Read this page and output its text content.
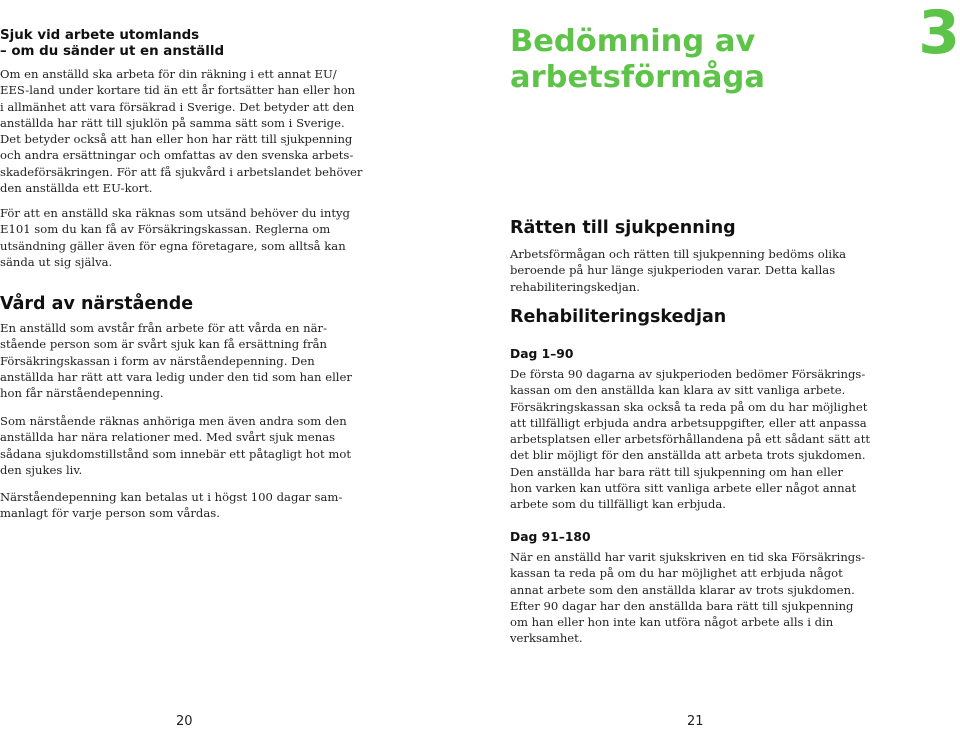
Sjuk vid arbete utomlands
– om du sänder ut en anställd
Om en anställd ska arbeta för din räkning i ett annat EU/
EES-land under kortare tid än ett år fortsätter han eller hon
i allmänhet att vara försäkrad i Sverige. Det betyder att den
anställda har rätt till sjuklön på samma sätt som i Sverige.
Det betyder också att han eller hon har rätt till sjukpenning
och andra ersättningar och omfattas av den svenska arbets-
skadeförsäkringen. För att få sjukvård i arbetslandet behöver
den anställda ett EU-kort.
För att en anställd ska räknas som utsänd behöver du intyg
E101 som du kan få av Försäkringskassan. Reglerna om
utsändning gäller även för egna företagare, som alltså kan
sända ut sig själva.
Vård av närstående
En anställd som avstår från arbete för att vårda en när-
stående person som är svårt sjuk kan få ersättning från
Försäkringskassan i form av närståendepenning. Den
anställda har rätt att vara ledig under den tid som han eller
hon får närståendepenning.
Som närstående räknas anhöriga men även andra som den
anställda har nära relationer med. Med svårt sjuk menas
sådana sjukdomstillstånd som innebär ett påtagligt hot mot
den sjukes liv.
Närståendepenning kan betalas ut i högst 100 dagar sam-
manlagt för varje person som vårdas.
20
Bedömning av
arbetsförmåga
3
Rätten till sjukpenning
Arbetsförmågan och rätten till sjukpenning bedöms olika
beroende på hur länge sjukperioden varar. Detta kallas
rehabiliteringskedjan.
Rehabiliteringskedjan
Dag 1–90
De första 90 dagarna av sjukperioden bedömer Försäkrings-
kassan om den anställda kan klara av sitt vanliga arbete.
Försäkringskassan ska också ta reda på om du har möjlighet
att tillfälligt erbjuda andra arbetsuppgifter, eller att anpassa
arbetsplatsen eller arbetsförhållandena på ett sådant sätt att
det blir möjligt för den anställda att arbeta trots sjukdomen.
Den anställda har bara rätt till sjukpenning om han eller
hon varken kan utföra sitt vanliga arbete eller något annat
arbete som du tillfälligt kan erbjuda.
Dag 91–180
När en anställd har varit sjukskriven en tid ska Försäkrings-
kassan ta reda på om du har möjlighet att erbjuda något
annat arbete som den anställda klarar av trots sjukdomen.
Efter 90 dagar har den anställda bara rätt till sjukpenning
om han eller hon inte kan utföra något arbete alls i din
verksamhet.
21
